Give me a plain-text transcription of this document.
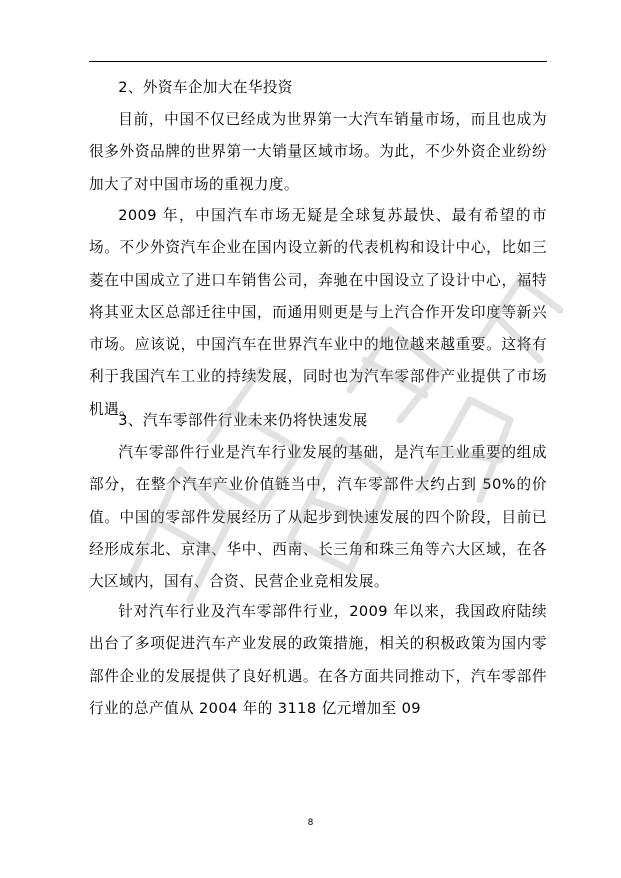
2、外资车企加大在华投资

目前，中国不仅已经成为世界第一大汽车销量市场，而且也成为很多外资品牌的世界第一大销量区域市场。为此，不少外资企业纷纷加大了对中国市场的重视力度。

2009 年，中国汽车市场无疑是全球复苏最快、最有希望的市场。不少外资汽车企业在国内设立新的代表机构和设计中心，比如三菱在中国成立了进口车销售公司，奔驰在中国设立了设计中心，福特将其亚太区总部迁往中国，而通用则更是与上汽合作开发印度等新兴市场。应该说，中国汽车在世界汽车业中的地位越来越重要。这将有利于我国汽车工业的持续发展，同时也为汽车零部件产业提供了市场机遇。

3、汽车零部件行业未来仍将快速发展

汽车零部件行业是汽车行业发展的基础，是汽车工业重要的组成部分，在整个汽车产业价值链当中，汽车零部件大约占到 50%的价值。中国的零部件发展经历了从起步到快速发展的四个阶段，目前已经形成东北、京津、华中、西南、长三角和珠三角等六大区域，在各大区域内，国有、合资、民营企业竞相发展。

针对汽车行业及汽车零部件行业，2009 年以来，我国政府陆续出台了多项促进汽车产业发展的政策措施，相关的积极政策为国内零部件企业的发展提供了良好机遇。在各方面共同推动下，汽车零部件行业的总产值从 2004 年的 3118 亿元增加至 09

8
